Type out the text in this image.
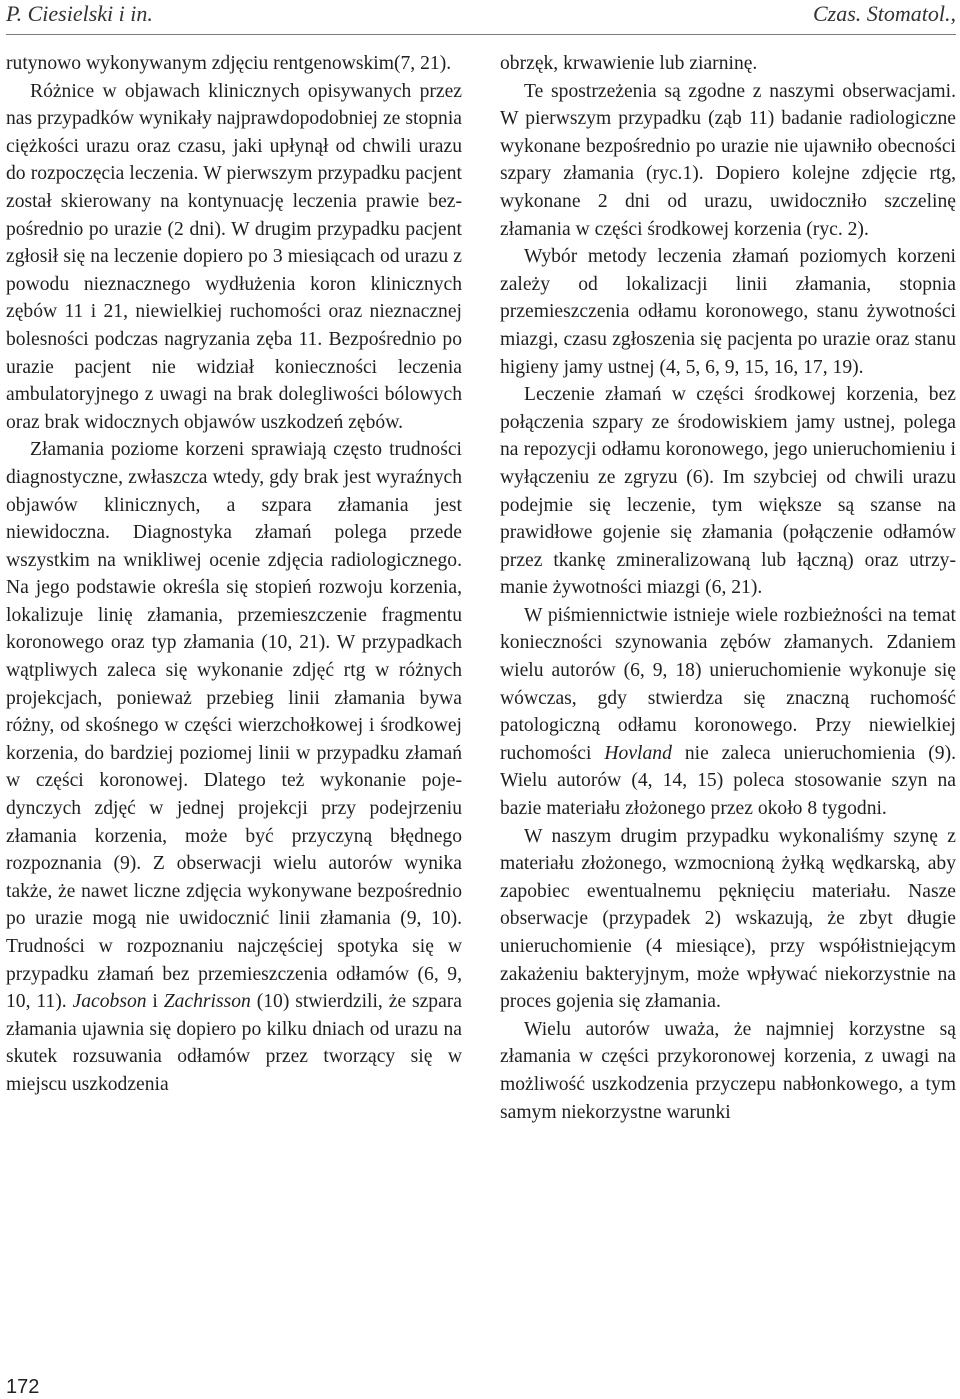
P. Ciesielski i in.	Czas. Stomatol.,

rutynowo wykonywanym zdjęciu rentgenowskim(7, 21).

Różnice w objawach klinicznych opisywanych przez nas przypadków wynikały najprawdopodobniej ze stopnia ciężkości urazu oraz czasu, jaki upłynął od chwili urazu do rozpoczęcia leczenia. W pierwszym przypadku pacjent został skierowany na kontynuację leczenia prawie bezpośrednio po urazie (2 dni). W drugim przypadku pacjent zgłosił się na leczenie dopiero po 3 miesiącach od urazu z powodu nieznacznego wydłużenia koron klinicznych zębów 11 i 21, niewielkiej ruchomości oraz nieznacznej bolesności podczas nagryzania zęba 11. Bezpośrednio po urazie pacjent nie widział konieczności leczenia ambulatoryjnego z uwagi na brak dolegliwości bólowych oraz brak widocznych objawów uszkodzeń zębów.

Złamania poziome korzeni sprawiają często trudności diagnostyczne, zwłaszcza wtedy, gdy brak jest wyraźnych objawów klinicznych, a szpara złamania jest niewidoczna. Diagnostyka złamań polega przede wszystkim na wnikliwej ocenie zdjęcia radiologicznego. Na jego podstawie określa się stopień rozwoju korzenia, lokalizuje linię złamania, przemieszczenie fragmentu koronowego oraz typ złamania (10, 21). W przypadkach wątpliwych zaleca się wykonanie zdjęć rtg w różnych projekcjach, ponieważ przebieg linii złamania bywa różny, od skośnego w części wierzchołkowej i środkowej korzenia, do bardziej poziomej linii w przypadku złamań w części koronowej. Dlatego też wykonanie pojedynczych zdjęć w jednej projekcji przy podejrzeniu złamania korzenia, może być przyczyną błędnego rozpoznania (9). Z obserwacji wielu autorów wynika także, że nawet liczne zdjęcia wykonywane bezpośrednio po urazie mogą nie uwidocznić linii złamania (9, 10). Trudności w rozpoznaniu najczęściej spotyka się w przypadku złamań bez przemieszczenia odłamów (6, 9, 10, 11). Jacobson i Zachrisson (10) stwierdzili, że szpara złamania ujawnia się dopiero po kilku dniach od urazu na skutek rozsuwania odłamów przez tworzący się w miejscu uszkodzenia

obrzęk, krwawienie lub ziarninę.

Te spostrzeżenia są zgodne z naszymi obserwacjami. W pierwszym przypadku (ząb 11) badanie radiologiczne wykonane bezpośrednio po urazie nie ujawniło obecności szpary złamania (ryc.1). Dopiero kolejne zdjęcie rtg, wykonane 2 dni od urazu, uwidoczniło szczelinę złamania w części środkowej korzenia (ryc. 2).

Wybór metody leczenia złamań poziomych korzeni zależy od lokalizacji linii złamania, stopnia przemieszczenia odłamu koronowego, stanu żywotności miazgi, czasu zgłoszenia się pacjenta po urazie oraz stanu higieny jamy ustnej (4, 5, 6, 9, 15, 16, 17, 19).

Leczenie złamań w części środkowej korzenia, bez połączenia szpary ze środowiskiem jamy ustnej, polega na repozycji odłamu koronowego, jego unieruchomieniu i wyłączeniu ze zgryzu (6). Im szybciej od chwili urazu podejmie się leczenie, tym większe są szanse na prawidłowe gojenie się złamania (połączenie odłamów przez tkankę zmineralizowaną lub łączną) oraz utrzymanie żywotności miazgi (6, 21).

W piśmiennictwie istnieje wiele rozbieżności na temat konieczności szynowania zębów złamanych. Zdaniem wielu autorów (6, 9, 18) unieruchomienie wykonuje się wówczas, gdy stwierdza się znaczną ruchomość patologiczną odłamu koronowego. Przy niewielkiej ruchomości Hovland nie zaleca unieruchomienia (9). Wielu autorów (4, 14, 15) poleca stosowanie szyn na bazie materiału złożonego przez około 8 tygodni.

W naszym drugim przypadku wykonaliśmy szynę z materiału złożonego, wzmocnioną żyłką wędkarską, aby zapobiec ewentualnemu pęknięciu materiału. Nasze obserwacje (przypadek 2) wskazują, że zbyt długie unieruchomienie (4 miesiące), przy współistniejącym zakażeniu bakteryjnym, może wpływać niekorzystnie na proces gojenia się złamania.

Wielu autorów uważa, że najmniej korzystne są złamania w części przykoronowej korzenia, z uwagi na możliwość uszkodzenia przyczepu nabłonkowego, a tym samym niekorzystne warunki

172
